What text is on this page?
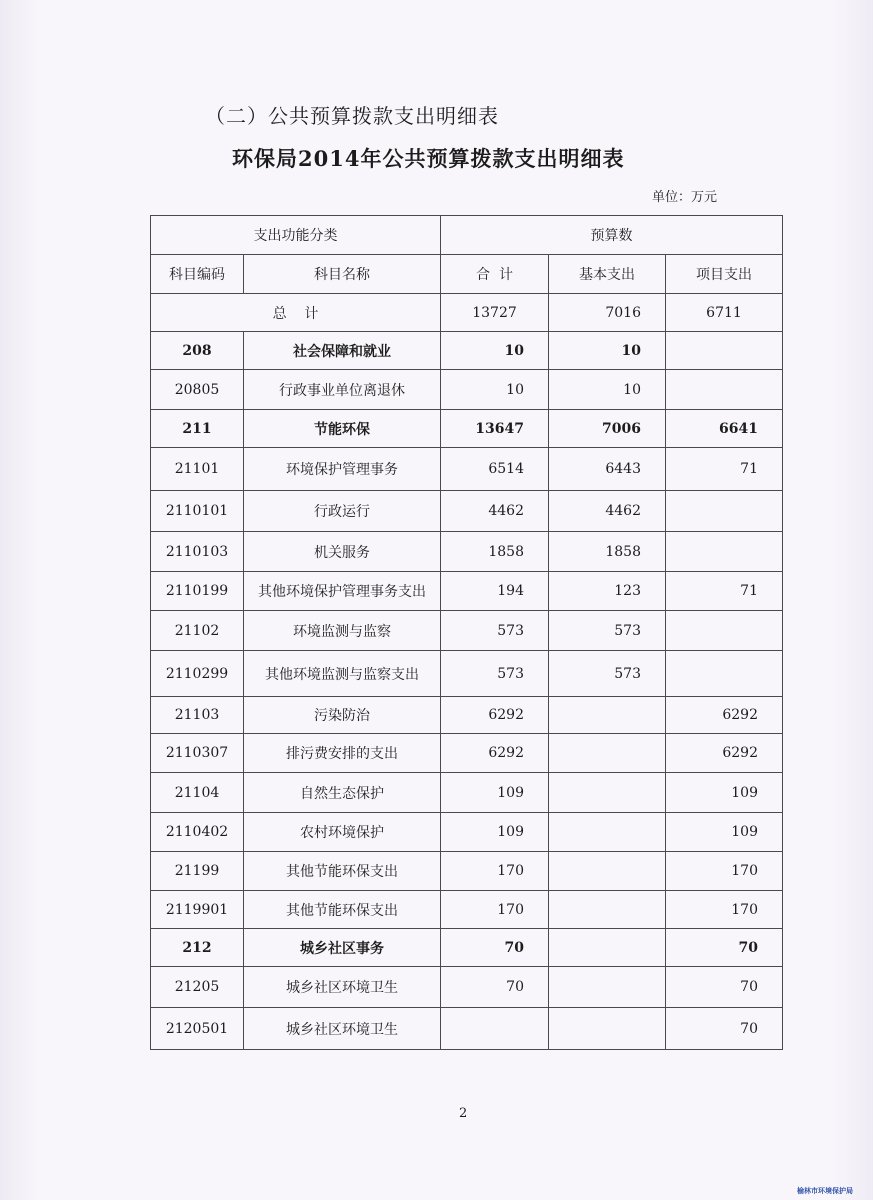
（二）公共预算拨款支出明细表
环保局2014年公共预算拨款支出明细表
单位：万元
支出功能分类		预算数		
科目编码	科目名称	合  计	基本支出	项目支出
总    计		13727	7016	6711
208	社会保障和就业	10	10	
20805	行政事业单位离退休	10	10	
211	节能环保	13647	7006	6641
21101	环境保护管理事务	6514	6443	71
2110101	行政运行	4462	4462	
2110103	机关服务	1858	1858	
2110199	其他环境保护管理事务支出	194	123	71
21102	环境监测与监察	573	573	
2110299	其他环境监测与监察支出	573	573	
21103	污染防治	6292		6292
2110307	排污费安排的支出	6292		6292
21104	自然生态保护	109		109
2110402	农村环境保护	109		109
21199	其他节能环保支出	170		170
2119901	其他节能环保支出	170		170
212	城乡社区事务	70		70
21205	城乡社区环境卫生	70		70
2120501	城乡社区环境卫生			70
2
榆林市环境保护局
